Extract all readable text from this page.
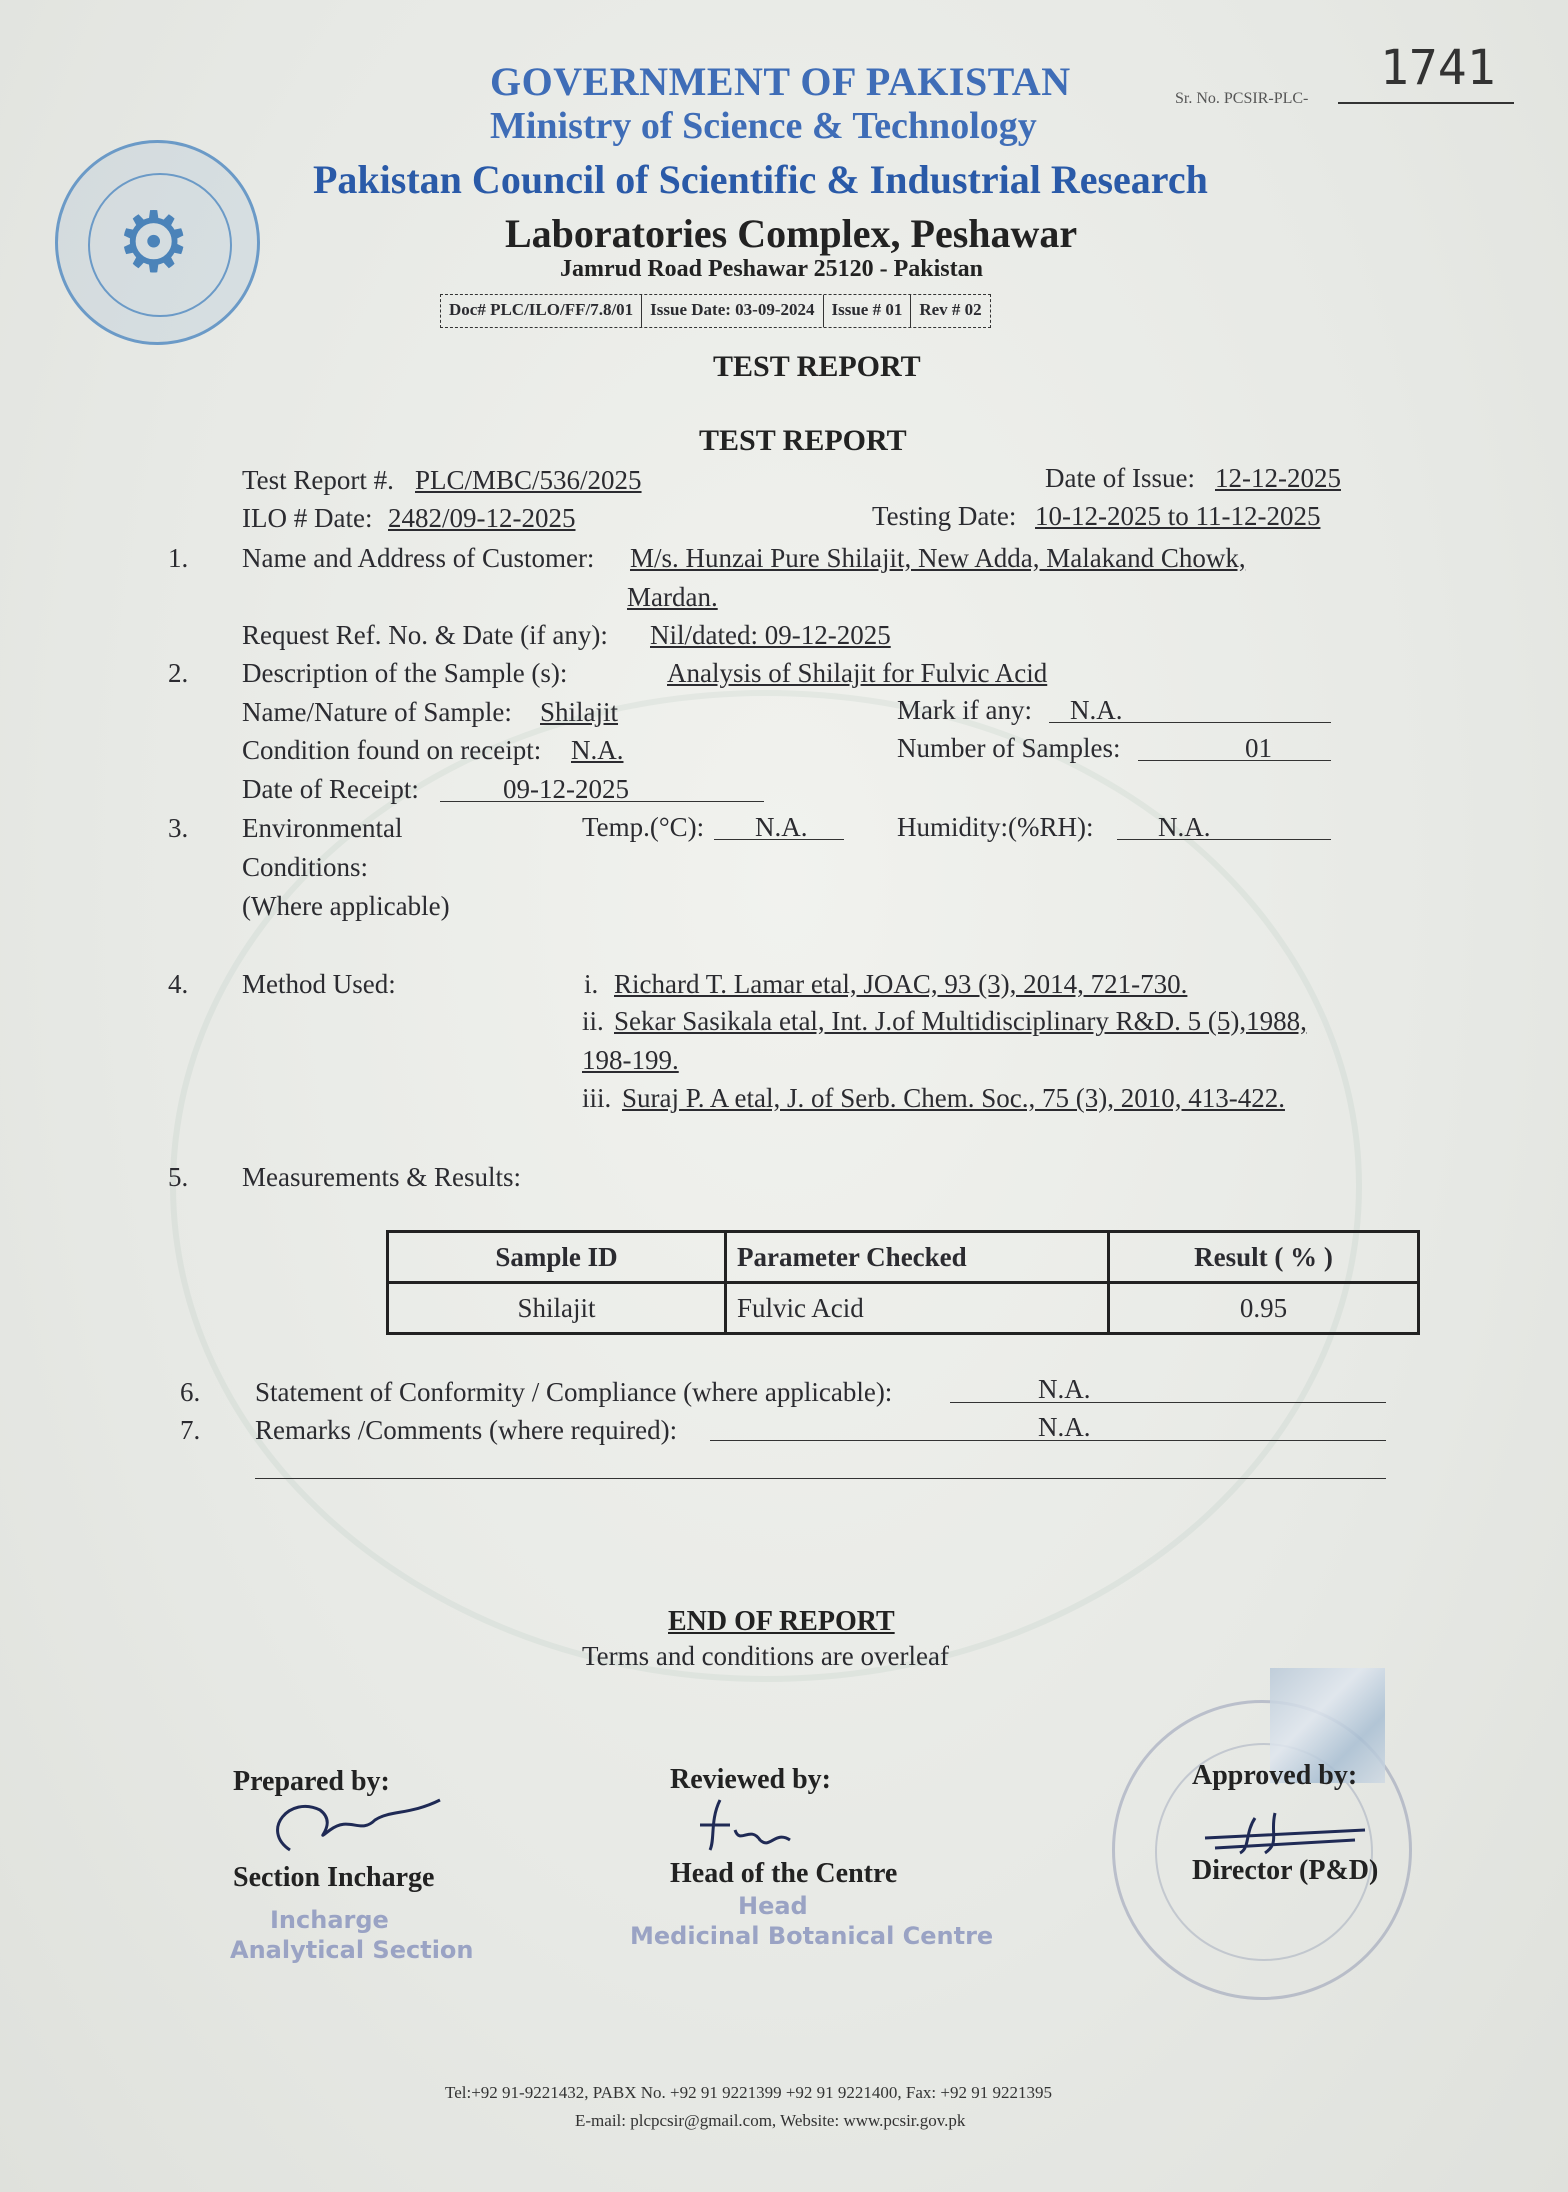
⚙
GOVERNMENT OF PAKISTAN
Ministry of Science & Technology
Pakistan Council of Scientific & Industrial Research
Laboratories Complex, Peshawar
Jamrud Road Peshawar 25120 - Pakistan
Sr. No. PCSIR-PLC-
1741
Doc# PLC/ILO/FF/7.8/01	Issue Date: 03-09-2024	Issue # 01	Rev # 02
TEST REPORT
TEST REPORT
Test Report #. PLC/MBC/536/2025	Date of Issue: 12-12-2025
ILO # Date: 2482/09-12-2025	Testing Date: 10-12-2025 to 11-12-2025
1. Name and Address of Customer: M/s. Hunzai Pure Shilajit, New Adda, Malakand Chowk,
Mardan.
Request Ref. No. & Date (if any): Nil/dated: 09-12-2025
2. Description of the Sample (s):	Analysis of Shilajit for Fulvic Acid
Name/Nature of Sample: Shilajit	Mark if any: N.A.
Condition found on receipt: N.A.	Number of Samples:	01
Date of Receipt:	09-12-2025
3. Environmental
Conditions:
(Where applicable)
Temp.(°C): N.A.	Humidity:(%RH): N.A.
4. Method Used:	i. Richard T. Lamar etal, JOAC, 93 (3), 2014, 721-730.
ii. Sekar Sasikala etal, Int. J.of Multidisciplinary R&D. 5 (5),1988,
198-199.
iii. Suraj P. A etal, J. of Serb. Chem. Soc., 75 (3), 2010, 413-422.
5. Measurements & Results:
Sample ID	Parameter Checked	Result ( % )
Shilajit	Fulvic Acid	0.95
6. Statement of Conformity / Compliance (where applicable):	N.A.
7. Remarks /Comments (where required):	N.A.
END OF REPORT
Terms and conditions are overleaf
Prepared by:
Section Incharge
Incharge
Analytical Section
Reviewed by:
Head of the Centre
Head
Medicinal Botanical Centre
Approved by:
Director (P&D)
Tel:+92 91-9221432, PABX No. +92 91 9221399 +92 91 9221400, Fax: +92 91 9221395
E-mail: plcpcsir@gmail.com, Website: www.pcsir.gov.pk
